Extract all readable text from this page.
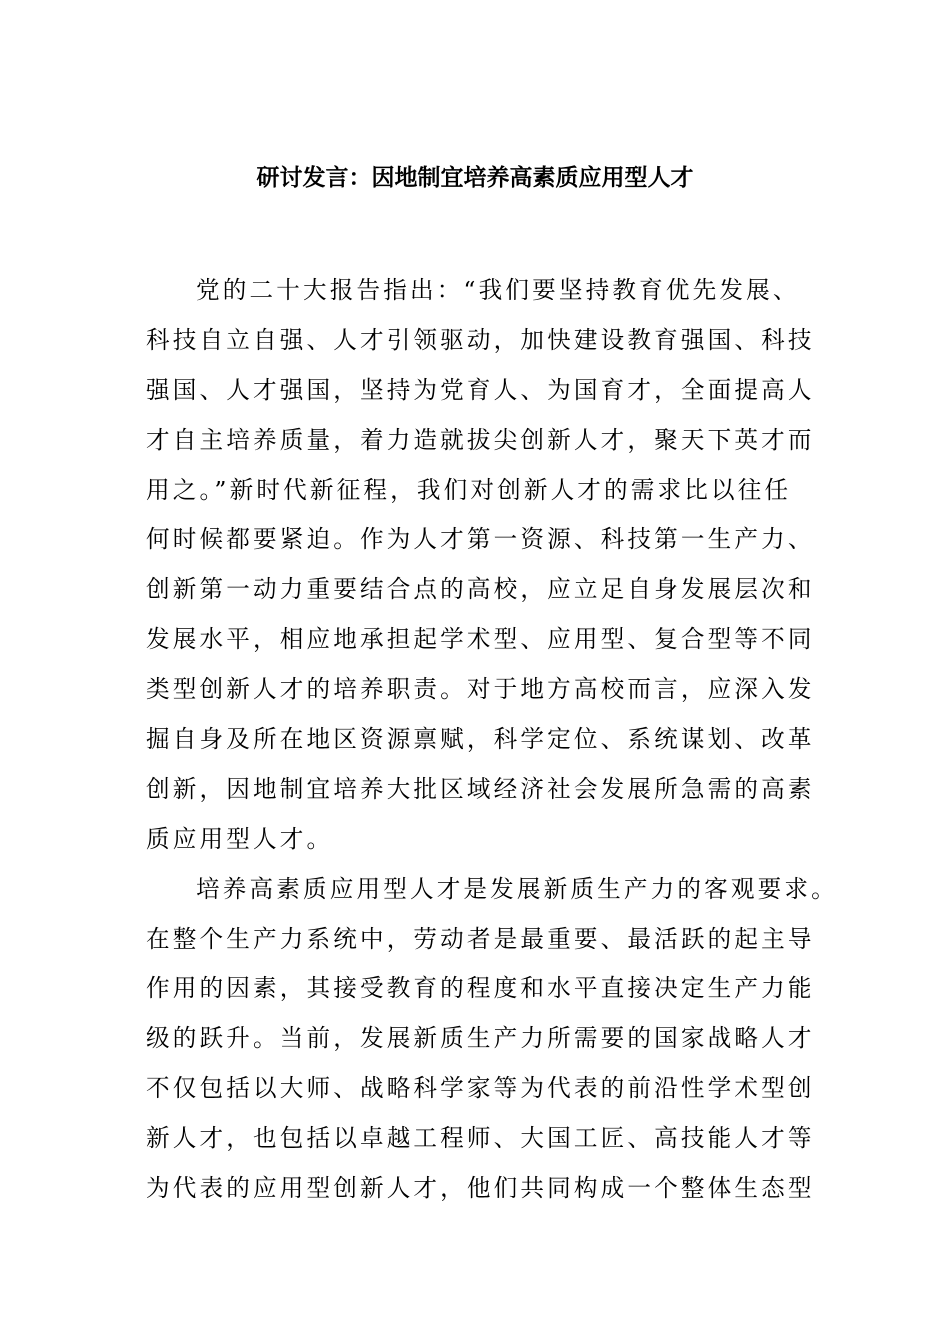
研讨发言：因地制宜培养高素质应用型人才
党的二十大报告指出：“我们要坚持教育优先发展、
科技自立自强、人才引领驱动，加快建设教育强国、科技
强国、人才强国，坚持为党育人、为国育才，全面提高人
才自主培养质量，着力造就拔尖创新人才，聚天下英才而
用之。”新时代新征程，我们对创新人才的需求比以往任
何时候都要紧迫。作为人才第一资源、科技第一生产力、
创新第一动力重要结合点的高校，应立足自身发展层次和
发展水平，相应地承担起学术型、应用型、复合型等不同
类型创新人才的培养职责。对于地方高校而言，应深入发
掘自身及所在地区资源禀赋，科学定位、系统谋划、改革
创新，因地制宜培养大批区域经济社会发展所急需的高素
质应用型人才。
培养高素质应用型人才是发展新质生产力的客观要求。
在整个生产力系统中，劳动者是最重要、最活跃的起主导
作用的因素，其接受教育的程度和水平直接决定生产力能
级的跃升。当前，发展新质生产力所需要的国家战略人才
不仅包括以大师、战略科学家等为代表的前沿性学术型创
新人才，也包括以卓越工程师、大国工匠、高技能人才等
为代表的应用型创新人才，他们共同构成一个整体生态型
